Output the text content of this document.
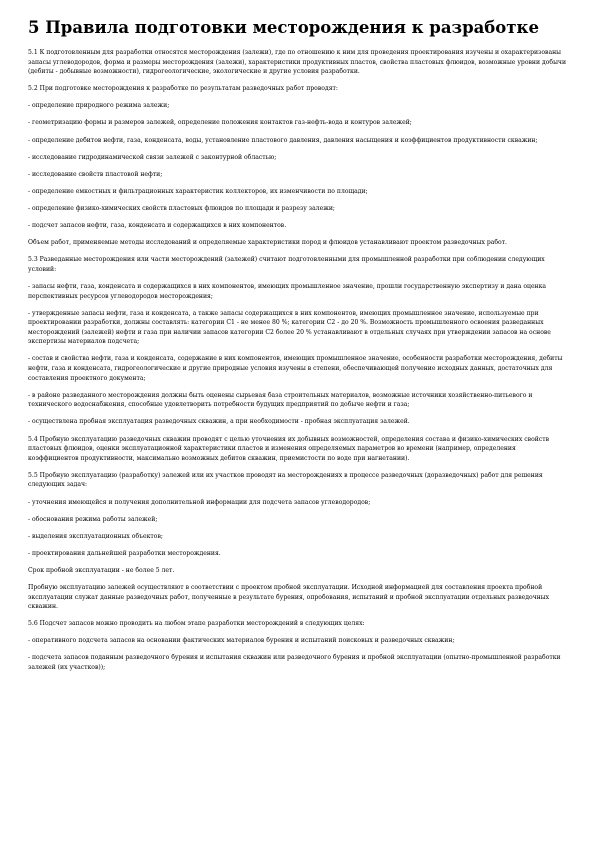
5 Правила подготовки месторождения к разработке

5.1 К подготовленным для разработки относятся месторождения (залежи), где по отношению к ним для проведения проектирования изучены и охарактеризованы запасы углеводородов, форма и размеры месторождения (залежи), характеристики продуктивных пластов, свойства пластовых флюидов, возможные уровни добычи (дебиты - добывные возможности), гидрогеологические, экологические и другие условия разработки.

5.2 При подготовке месторождения к разработке по результатам разведочных работ проводят:

- определение природного режима залежи;

- геометризацию формы и размеров залежей, определение положения контактов газ-нефть-вода и контуров залежей;

- определение дебитов нефти, газа, конденсата, воды, установление пластового давления, давления насыщения и коэффициентов продуктивности скважин;

- исследование гидродинамической связи залежей с законтурной областью;

- исследование свойств пластовой нефти;

- определение емкостных и фильтрационных характеристик коллекторов, их изменчивости по площади;

- определение физико-химических свойств пластовых флюидов по площади и разрезу залежи;

- подсчет запасов нефти, газа, конденсата и содержащихся в них компонентов.

Объем работ, применяемые методы исследований и определяемые характеристики пород и флюидов устанавливают проектом разведочных работ.

5.3 Разведанные месторождения или части месторождений (залежей) считают подготовленными для промышленной разработки при соблюдении следующих условий:

- запасы нефти, газа, конденсата и содержащихся в них компонентов, имеющих промышленное значение, прошли государственную экспертизу и дана оценка перспективных ресурсов углеводородов месторождения;

- утвержденные запасы нефти, газа и конденсата, а также запасы содержащихся в них компонентов, имеющих промышленное значение, используемые при проектировании разработки, должны составлять: категории С1 - не менее 80 %; категории С2 - до 20 %. Возможность промышленного освоения разведанных месторождений (залежей) нефти и газа при наличии запасов категории С2 более 20 % устанавливают в отдельных случаях при утверждении запасов на основе экспертизы материалов подсчета;

- состав и свойства нефти, газа и конденсата, содержание в них компонентов, имеющих промышленное значение, особенности разработки месторождения, дебиты нефти, газа и конденсата, гидрогеологические и другие природные условия изучены в степени, обеспечивающей получение исходных данных, достаточных для составления проектного документа;

- в районе разведанного месторождения должны быть оценены сырьевая база строительных материалов, возможные источники хозяйственно-питьевого и технического водоснабжения, способные удовлетворить потребности будущих предприятий по добыче нефти и газа;

- осуществлена пробная эксплуатация разведочных скважин, а при необходимости - пробная эксплуатация залежей.

5.4 Пробную эксплуатацию разведочных скважин проводят с целью уточнения их добывных возможностей, определения состава и физико-химических свойств пластовых флюидов, оценки эксплуатационной характеристики пластов и изменения определяемых параметров во времени (например, определения коэффициентов продуктивности, максимально возможных дебитов скважин, приемистости по воде при нагнетании).

5.5 Пробную эксплуатацию (разработку) залежей или их участков проводят на месторождениях в процессе разведочных (доразведочных) работ для решения следующих задач:

- уточнения имеющейся и получения дополнительной информации для подсчета запасов углеводородов;

- обоснования режима работы залежей;

- выделения эксплуатационных объектов;

- проектирования дальнейшей разработки месторождения.

Срок пробной эксплуатации - не более 5 лет.

Пробную эксплуатацию залежей осуществляют в соответствии с проектом пробной эксплуатации. Исходной информацией для составления проекта пробной эксплуатации служат данные разведочных работ, полученные в результате бурения, опробования, испытаний и пробной эксплуатации отдельных разведочных скважин.

5.6 Подсчет запасов можно проводить на любом этапе разработки месторождений в следующих целях:

- оперативного подсчета запасов на основании фактических материалов бурения и испытаний поисковых и разведочных скважин;

- подсчета запасов поданным разведочного бурения и испытания скважин или разведочного бурения и пробной эксплуатации (опытно-промышленной разработки залежей (их участков));
